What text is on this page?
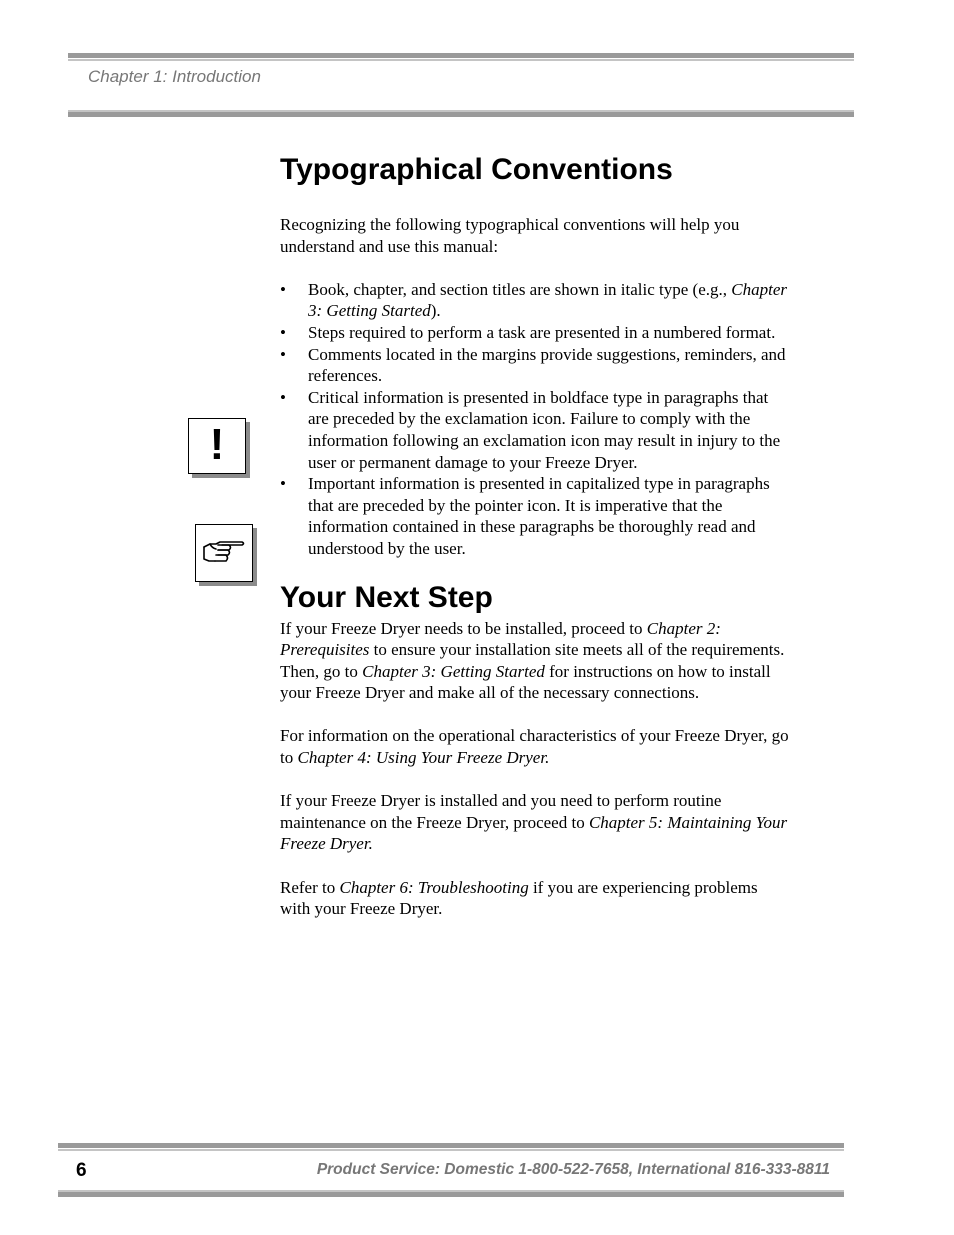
Chapter 1: Introduction
Typographical Conventions

Recognizing the following typographical conventions will help you understand and use this manual:

• Book, chapter, and section titles are shown in italic type (e.g., Chapter 3: Getting Started).
• Steps required to perform a task are presented in a numbered format.
• Comments located in the margins provide suggestions, reminders, and references.
• Critical information is presented in boldface type in paragraphs that are preceded by the exclamation icon. Failure to comply with the information following an exclamation icon may result in injury to the user or permanent damage to your Freeze Dryer.
• Important information is presented in capitalized type in paragraphs that are preceded by the pointer icon. It is imperative that the information contained in these paragraphs be thoroughly read and understood by the user.
Your Next Step

If your Freeze Dryer needs to be installed, proceed to Chapter 2: Prerequisites to ensure your installation site meets all of the requirements. Then, go to Chapter 3: Getting Started for instructions on how to install your Freeze Dryer and make all of the necessary connections.

For information on the operational characteristics of your Freeze Dryer, go to Chapter 4: Using Your Freeze Dryer.

If your Freeze Dryer is installed and you need to perform routine maintenance on the Freeze Dryer, proceed to Chapter 5: Maintaining Your Freeze Dryer.

Refer to Chapter 6: Troubleshooting if you are experiencing problems with your Freeze Dryer.

!
6	Product Service: Domestic 1-800-522-7658, International 816-333-8811
